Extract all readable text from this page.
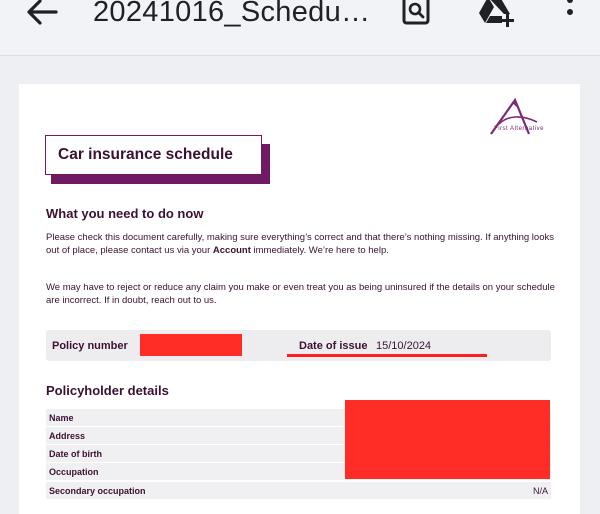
20241016_Schedu…
First Alternative
Car insurance schedule
What you need to do now

Please check this document carefully, making sure everything’s correct and that there’s nothing missing. If anything looks out of place, please contact us via your Account immediately. We’re here to help.

We may have to reject or reduce any claim you make or even treat you as being uninsured if the details on your schedule are incorrect. If in doubt, reach out to us.

Policy number	Date of issue 15/10/2024
Policyholder details
Name
Address
Date of birth
Occupation
Secondary occupation	N/A
